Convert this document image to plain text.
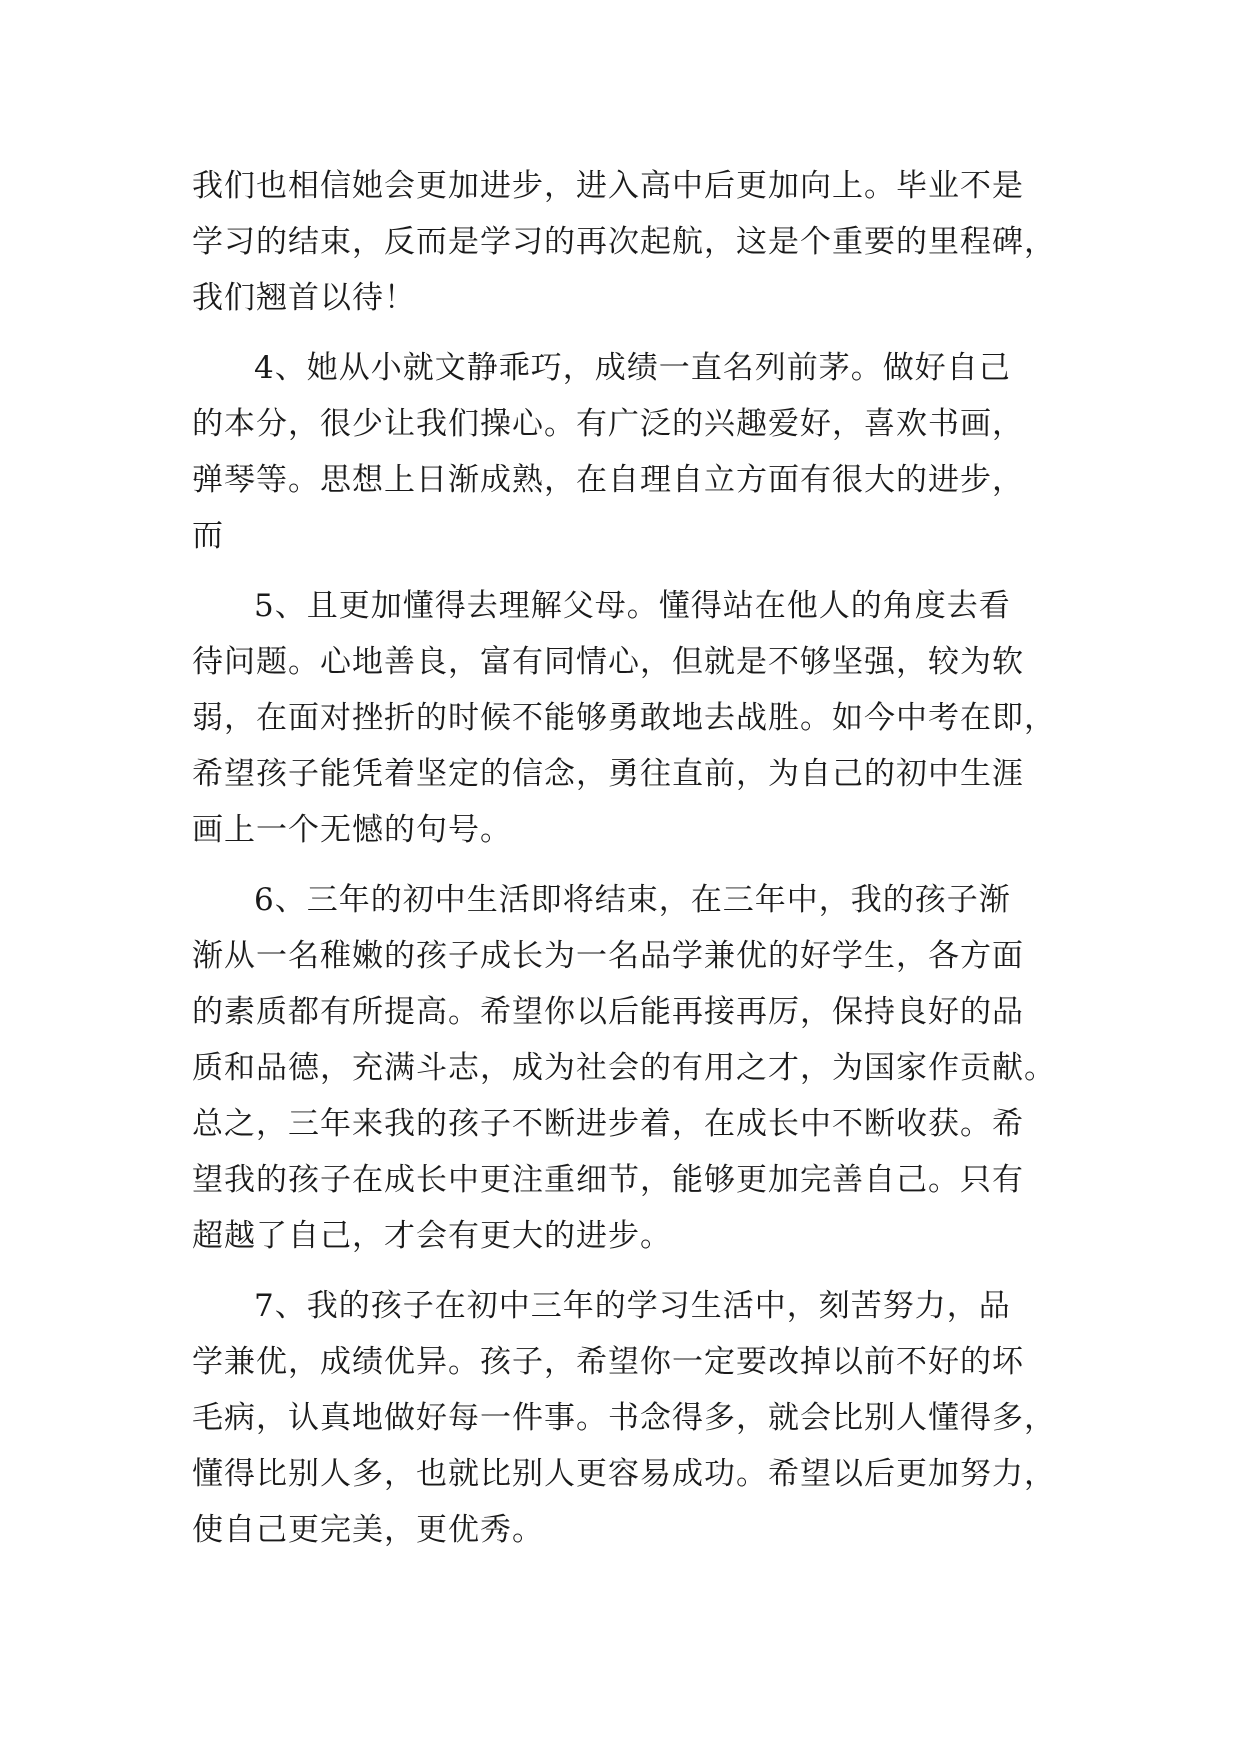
我们也相信她会更加进步，进入高中后更加向上。毕业不是
学习的结束，反而是学习的再次起航，这是个重要的里程碑，
我们翘首以待！
4、她从小就文静乖巧，成绩一直名列前茅。做好自己
的本分，很少让我们操心。有广泛的兴趣爱好，喜欢书画，
弹琴等。思想上日渐成熟，在自理自立方面有很大的进步，
而
5、且更加懂得去理解父母。懂得站在他人的角度去看
待问题。心地善良，富有同情心，但就是不够坚强，较为软
弱，在面对挫折的时候不能够勇敢地去战胜。如今中考在即，
希望孩子能凭着坚定的信念，勇往直前，为自己的初中生涯
画上一个无憾的句号。
6、三年的初中生活即将结束，在三年中，我的孩子渐
渐从一名稚嫩的孩子成长为一名品学兼优的好学生，各方面
的素质都有所提高。希望你以后能再接再厉，保持良好的品
质和品德，充满斗志，成为社会的有用之才，为国家作贡献。
总之，三年来我的孩子不断进步着，在成长中不断收获。希
望我的孩子在成长中更注重细节，能够更加完善自己。只有
超越了自己，才会有更大的进步。
7、我的孩子在初中三年的学习生活中，刻苦努力，品
学兼优，成绩优异。孩子，希望你一定要改掉以前不好的坏
毛病，认真地做好每一件事。书念得多，就会比别人懂得多，
懂得比别人多，也就比别人更容易成功。希望以后更加努力，
使自己更完美，更优秀。
